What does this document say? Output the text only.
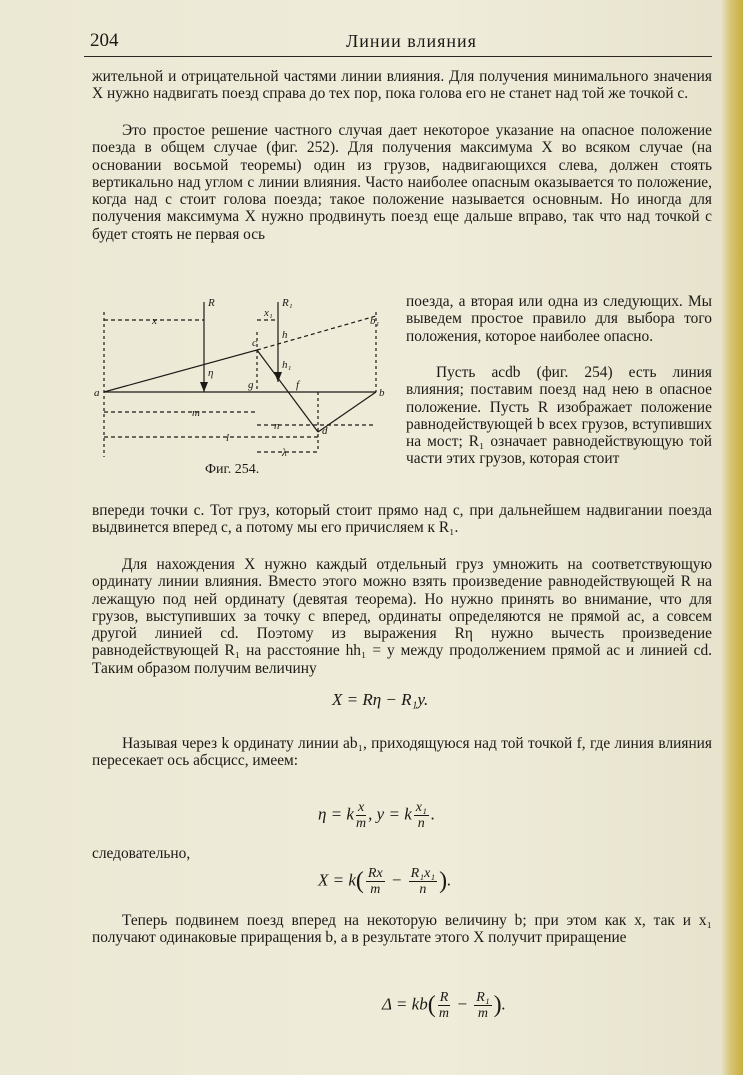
204	Линии влияния

жительной и отрицательной частями линии влияния. Для получения минимального значения X нужно надвигать поезд справа до тех пор, пока голова его не станет над той же точкой c.

Это простое решение частного случая дает некоторое указание на опасное положение поезда в общем случае (фиг. 252). Для получения максимума X во всяком случае (на основании восьмой теоремы) один из грузов, надвигающихся слева, должен стоять вертикально над углом c линии влияния. Часто наиболее опасным оказывается то положение, когда над c стоит голова поезда; такое положение называется основным. Но иногда для получения максимума X нужно продвинуть поезд еще дальше вправо, так что над точкой c будет стоять не первая ось

поезда, а вторая или одна из следующих. Мы выведем простое правило для выбора того положения, которое наиболее опасно.

Пусть acdb (фиг. 254) есть линия влияния; поставим поезд над нею в опасное положение. Пусть R изображает положение равнодействующей b всех грузов, вступивших на мост; R₁ означает равнодействующую той части этих грузов, которая стоит

впереди точки c. Тот груз, который стоит прямо над c, при дальнейшем надвигании поезда выдвинется вперед c, а потому мы его причисляем к R₁.

Для нахождения X нужно каждый отдельный груз умножить на соответствующую ординату линии влияния. Вместо этого можно взять произведение равнодействующей R на лежащую под ней ординату (девятая теорема). Но нужно принять во внимание, что для грузов, выступивших за точку c вперед, ординаты определяются не прямой ac, а совсем другой линией cd. Поэтому из выражения Rη нужно вычесть произведение равнодействующей R₁ на расстояние hh₁ = y между продолжением прямой ac и линией cd. Таким образом получим величину

X = Rη − R₁y.

Называя через k ординату линии ab₁, приходящуюся над той точкой f, где линия влияния пересекает ось абсцисс, имеем:

η = k $\frac{x}{m}$ , y = k $\frac{\text{x₁}}{n}$ .

следовательно,

$X = k( \frac{Rx}{m} - \frac{\text{R₁x₁}}{n}$ ).

Теперь подвинем поезд вперед на некоторую величину b; при этом как x, так и x₁ получают одинаковые приращения b, а в результате этого X получит приращение

$\Delta = kb( \frac{R}{m} - \frac{\text{R₁}}{m}$ ).
R	R₁
x
x₁
b₁
c
h
h₁
η
g	f
a	b
m
n	d
l
λ
Фиг. 254.
